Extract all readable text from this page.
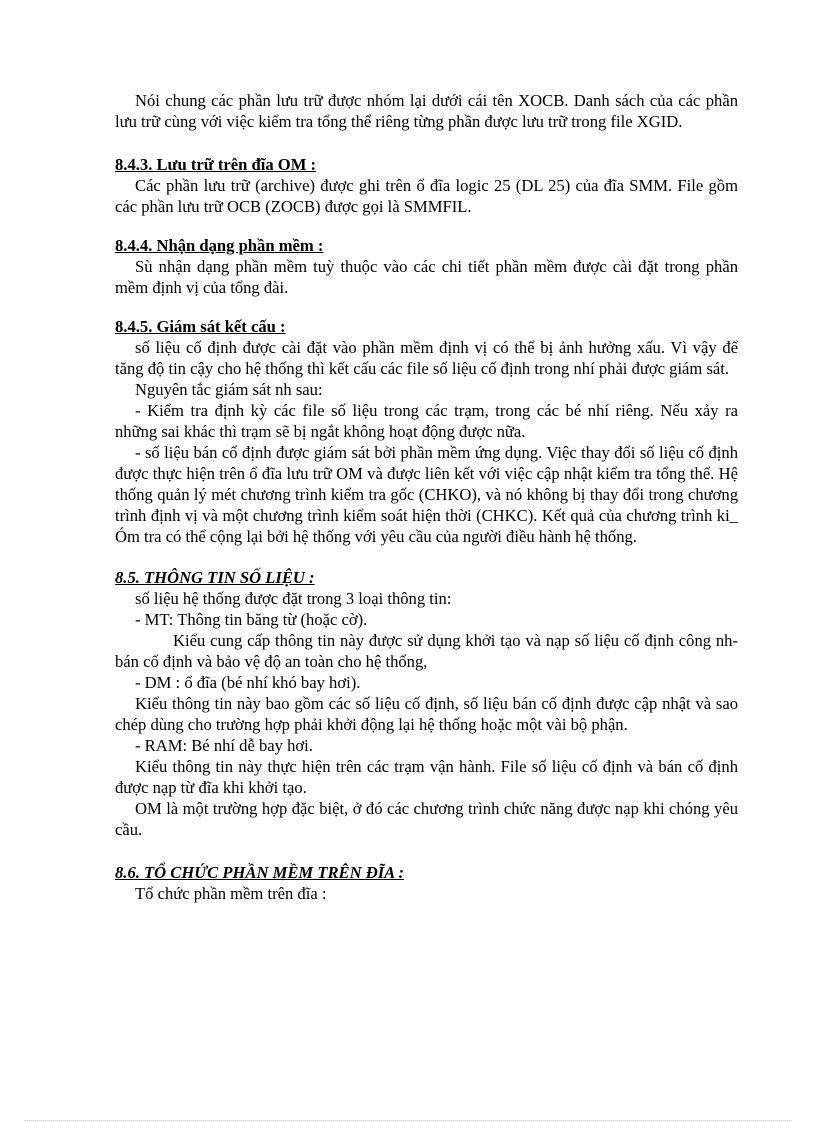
Nói chung các phần lưu trữ được nhóm lại dưới cái tên XOCB. Danh sách của các phần lưu trữ cùng với việc kiểm tra tổng thể riêng từng phần được lưu trữ trong file XGID.

8.4.3. Lưu trữ trên đĩa OM :

Các phần lưu trữ (archive) được ghi trên ổ đĩa logic 25 (DL 25) của đĩa SMM. File gồm các phần lưu trữ OCB (ZOCB) được gọi là SMMFIL.

8.4.4. Nhận dạng phần mềm :

Sù nhận dạng phần mềm tuỳ thuộc vào các chi tiết phần mềm được cài đặt trong phần mềm định vị của tổng đài.

8.4.5. Giám sát kết cấu :

số liệu cố định được cài đặt vào phần mềm định vị có thể bị ảnh hưởng xấu. Vì vậy để tăng độ tin cậy cho hệ thống thì kết cấu các file số liệu cố định trong nhí phải được giám sát.

Nguyên tắc giám sát nh sau:

- Kiểm tra định kỳ các file số liệu trong các trạm, trong các bé nhí riêng. Nếu xảy ra những sai khác thì trạm sẽ bị ngắt không hoạt động được nữa.

- số liệu bán cố định được giám sát bởi phần mềm ứng dụng. Việc thay đổi số liệu cố định được thực hiện trên ổ đĩa lưu trữ OM và được liên kết với việc cập nhật kiểm tra tổng thể. Hệ thống quản lý mét chương trình kiểm tra gốc (CHKO), và nó không bị thay đổi trong chương trình định vị và một chương trình kiểm soát hiện thời (CHKC). Kết quả của chương trình ki_ Óm tra có thể cộng lại bởi hệ thống với yêu cầu của người điều hành hệ thống.

8.5. THÔNG TIN SỐ LIỆU :

số liệu hệ thống được đặt trong 3 loại thông tin:

- MT: Thông tin băng từ (hoặc cờ).

Kiểu cung cấp thông tin này được sử dụng khởi tạo và nạp số liệu cố định công nh bán cố định và bảo vệ độ an toàn cho hệ thống,

- DM : ổ đĩa (bé nhí khó bay hơi).

Kiểu thông tin này bao gồm các số liệu cố định, số liệu bán cố định được cập nhật và sao chép dùng cho trường hợp phải khởi động lại hệ thống hoặc một vài bộ phận.

- RAM: Bé nhí dễ bay hơi.

Kiểu thông tin này thực hiện trên các trạm vận hành. File số liệu cố định và bán cố định được nạp từ đĩa khi khởi tạo.

OM là một trường hợp đặc biệt, ở đó các chương trình chức năng được nạp khi chóng yêu cầu.

8.6. TỔ CHỨC PHẦN MỀM TRÊN ĐĨA :

Tổ chức phần mềm trên đĩa :
